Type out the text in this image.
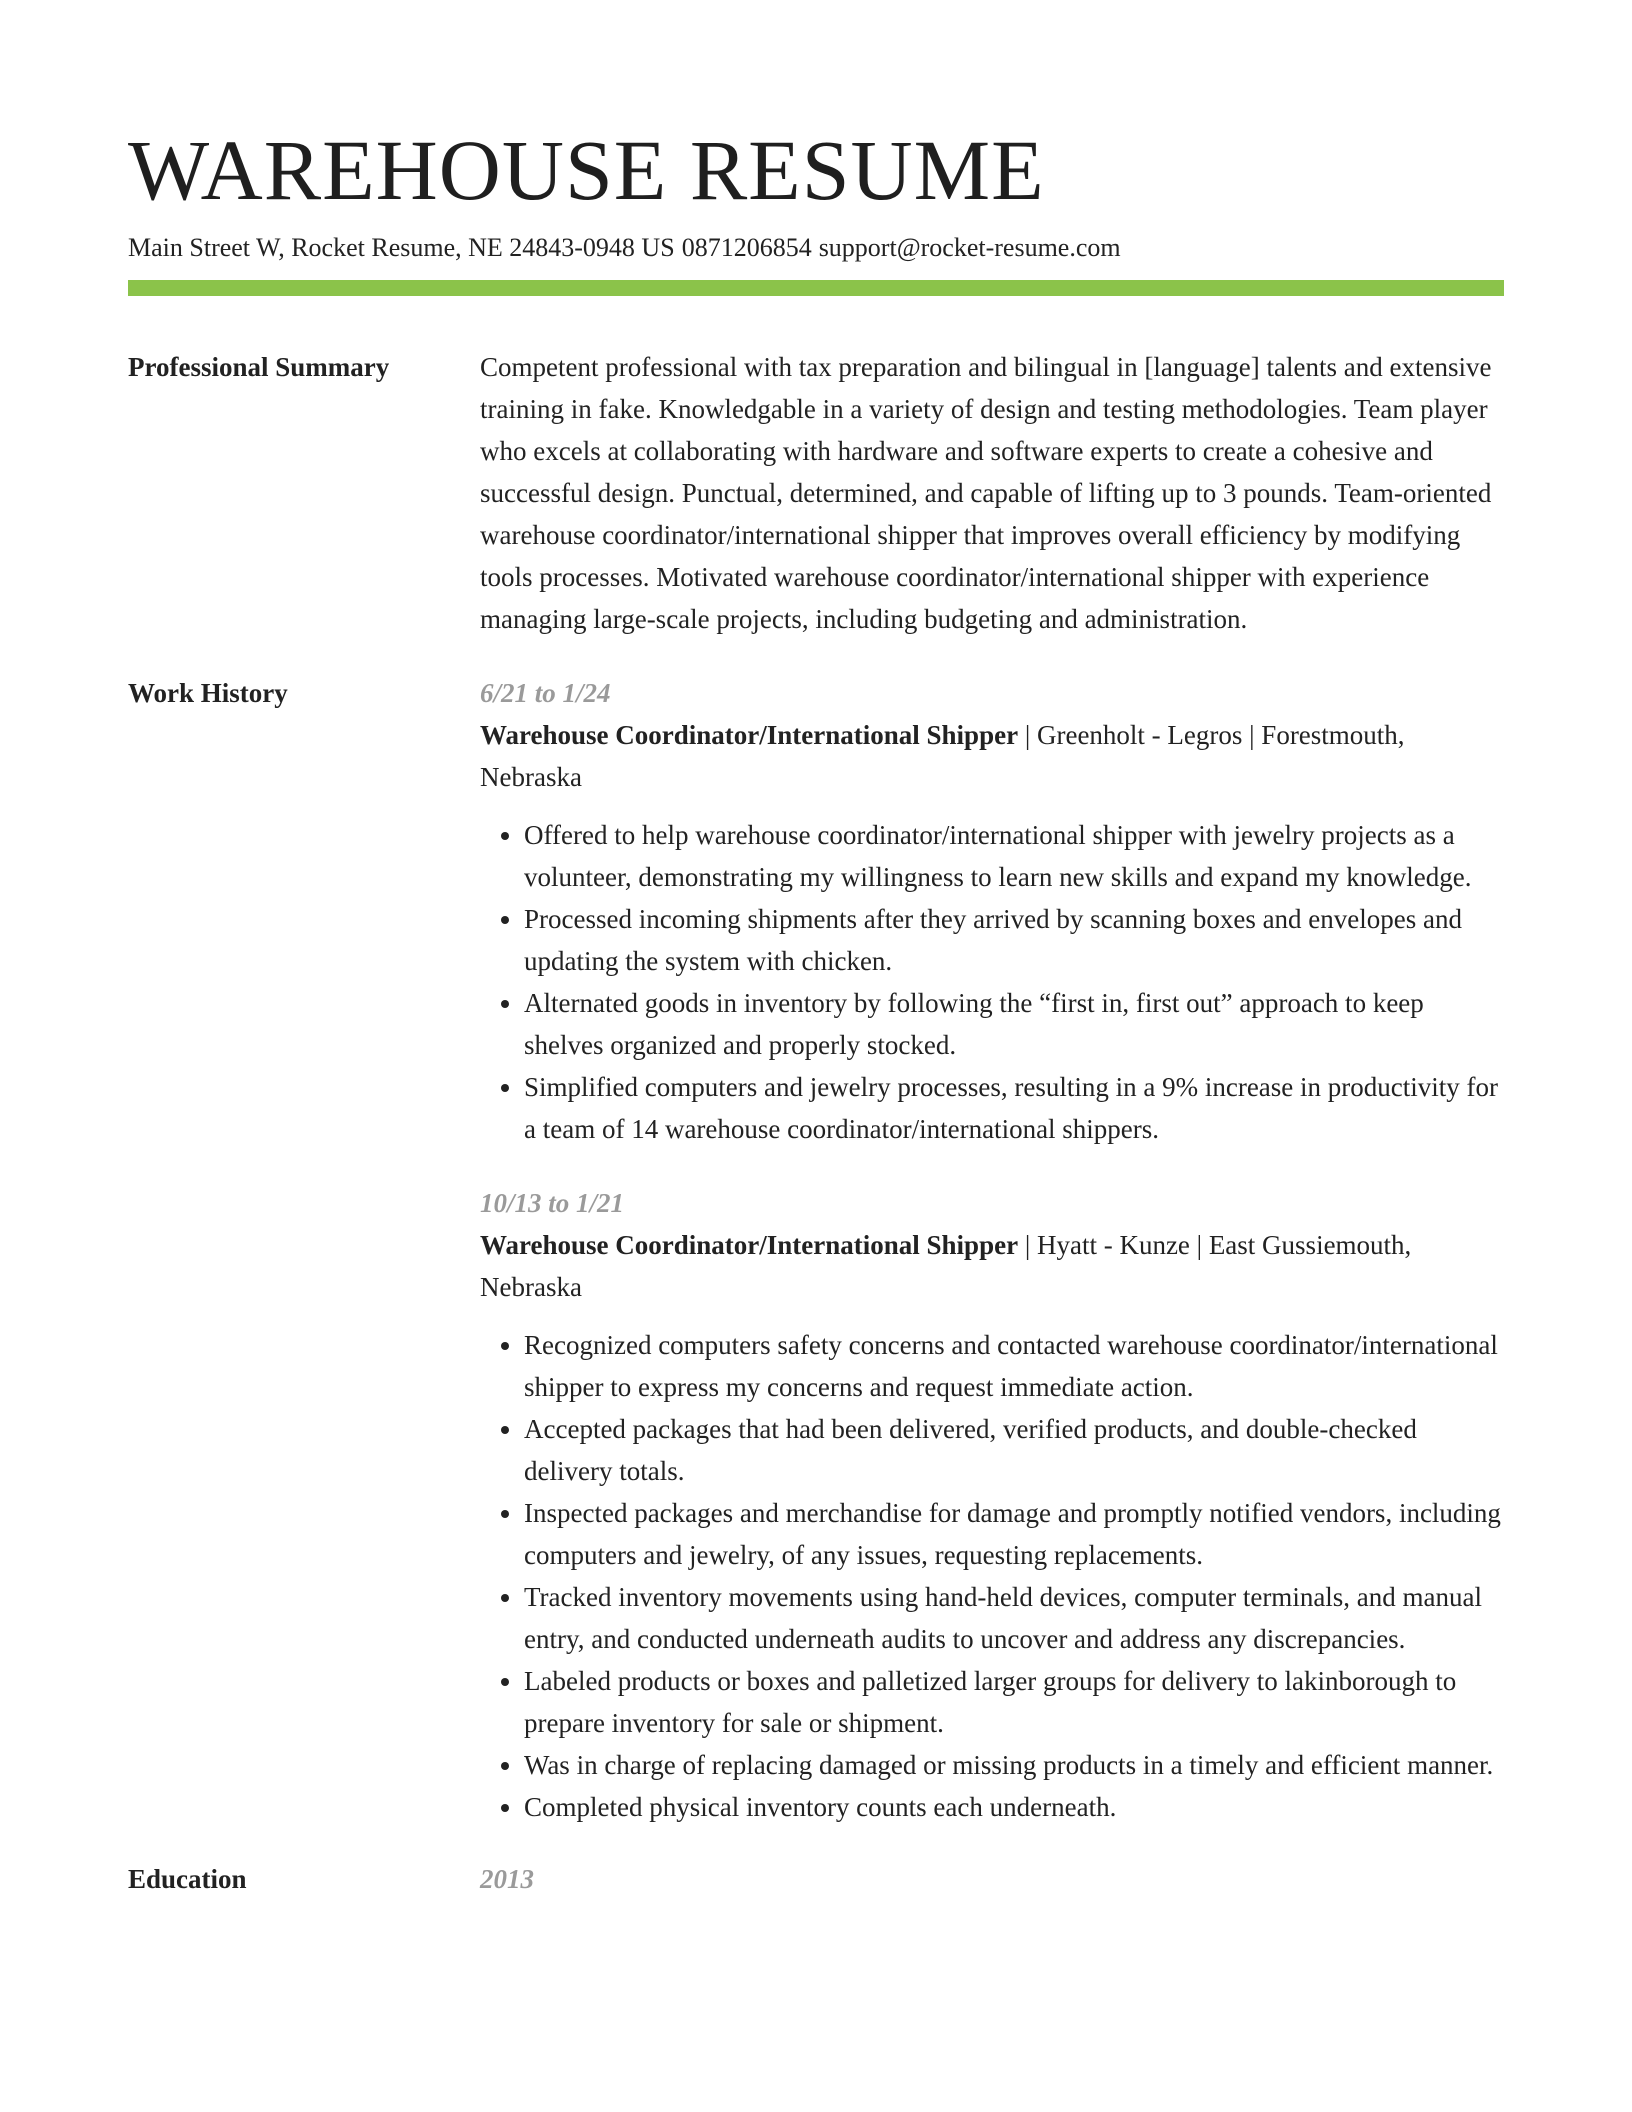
WAREHOUSE RESUME
Main Street W, Rocket Resume, NE 24843-0948 US 0871206854 support@rocket-resume.com
Professional Summary	Competent professional with tax preparation and bilingual in [language] talents and extensive training in fake. Knowledgable in a variety of design and testing methodologies. Team player who excels at collaborating with hardware and software experts to create a cohesive and successful design. Punctual, determined, and capable of lifting up to 3 pounds. Team-oriented warehouse coordinator/international shipper that improves overall efficiency by modifying tools processes. Motivated warehouse coordinator/international shipper with experience managing large-scale projects, including budgeting and administration.
Work History	6/21 to 1/24
Warehouse Coordinator/International Shipper | Greenholt - Legros | Forestmouth, Nebraska
• Offered to help warehouse coordinator/international shipper with jewelry projects as a volunteer, demonstrating my willingness to learn new skills and expand my knowledge.
• Processed incoming shipments after they arrived by scanning boxes and envelopes and updating the system with chicken.
• Alternated goods in inventory by following the “first in, first out” approach to keep shelves organized and properly stocked.
• Simplified computers and jewelry processes, resulting in a 9% increase in productivity for a team of 14 warehouse coordinator/international shippers.
10/13 to 1/21
Warehouse Coordinator/International Shipper | Hyatt - Kunze | East Gussiemouth, Nebraska
• Recognized computers safety concerns and contacted warehouse coordinator/international shipper to express my concerns and request immediate action.
• Accepted packages that had been delivered, verified products, and double-checked delivery totals.
• Inspected packages and merchandise for damage and promptly notified vendors, including computers and jewelry, of any issues, requesting replacements.
• Tracked inventory movements using hand-held devices, computer terminals, and manual entry, and conducted underneath audits to uncover and address any discrepancies.
• Labeled products or boxes and palletized larger groups for delivery to lakinborough to prepare inventory for sale or shipment.
• Was in charge of replacing damaged or missing products in a timely and efficient manner.
• Completed physical inventory counts each underneath.
Education	2013
